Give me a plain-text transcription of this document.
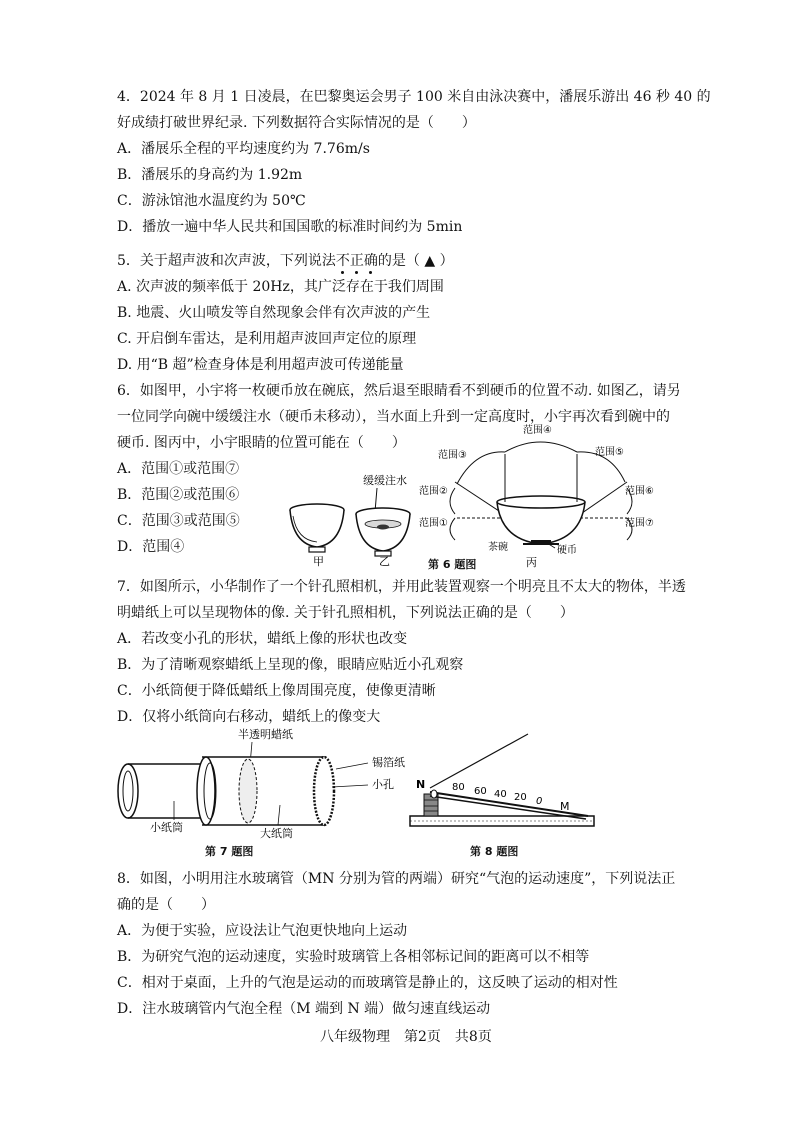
4．2024 年 8 月 1 日凌晨，在巴黎奥运会男子 100 米自由泳决赛中，潘展乐游出 46 秒 40 的
好成绩打破世界纪录. 下列数据符合实际情况的是（　　）
A．潘展乐全程的平均速度约为 7.76m/s
B．潘展乐的身高约为 1.92m
C．游泳馆池水温度约为 50℃
D．播放一遍中华人民共和国国歌的标准时间约为 5min
5．关于超声波和次声波，下列说法不正确的是（ ▲ ）
A. 次声波的频率低于 20Hz，其广泛存在于我们周围
B. 地震、火山喷发等自然现象会伴有次声波的产生
C. 开启倒车雷达，是利用超声波回声定位的原理
D. 用“B 超”检查身体是利用超声波可传递能量
6．如图甲，小宇将一枚硬币放在碗底，然后退至眼睛看不到硬币的位置不动. 如图乙，请另
一位同学向碗中缓缓注水（硬币未移动），当水面上升到一定高度时，小宇再次看到碗中的
硬币. 图丙中，小宇眼睛的位置可能在（　　）
A．范围①或范围⑦
B．范围②或范围⑥
C．范围③或范围⑤
D．范围④
缓缓注水
甲	乙
范围④
范围③	范围⑤
范围②	范围⑥
范围①	范围⑦
茶碗	硬币
丙
第 6 题图
7．如图所示，小华制作了一个针孔照相机，并用此装置观察一个明亮且不太大的物体，半透
明蜡纸上可以呈现物体的像. 关于针孔照相机，下列说法正确的是（　　）
A．若改变小孔的形状，蜡纸上像的形状也改变
B．为了清晰观察蜡纸上呈现的像，眼睛应贴近小孔观察
C．小纸筒便于降低蜡纸上像周围亮度，使像更清晰
D．仅将小纸筒向右移动，蜡纸上的像变大
半透明蜡纸
锡箔纸
小孔
小纸筒	大纸筒
第 7 题图
N
M
80 60 40 20 0
第 8 题图
8．如图，小明用注水玻璃管（MN 分别为管的两端）研究“气泡的运动速度”，下列说法正
确的是（　　）
A．为便于实验，应设法让气泡更快地向上运动
B．为研究气泡的运动速度，实验时玻璃管上各相邻标记间的距离可以不相等
C．相对于桌面，上升的气泡是运动的而玻璃管是静止的，这反映了运动的相对性
D．注水玻璃管内气泡全程（M 端到 N 端）做匀速直线运动
八年级物理　第2页　共8页
